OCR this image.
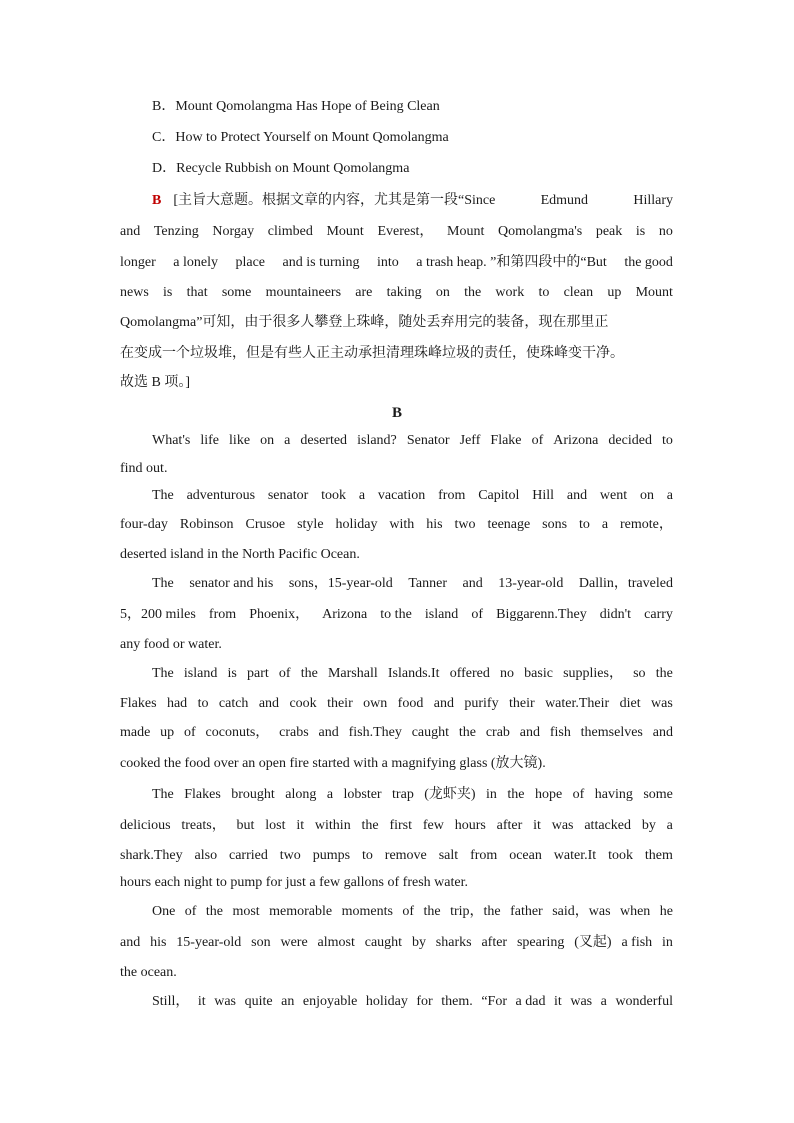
B．Mount Qomolangma Has Hope of Being Clean
C．How to Protect Yourself on Mount Qomolangma
D．Recycle Rubbish on Mount Qomolangma
B [主旨大意题。根据文章的内容，尤其是第一段“Since	Edmund	Hillary
and Tenzing Norgay climbed Mount Everest， Mount Qomolangma's peak is no
longer a lonely place and is turning into a trash heap. ”和第四段中的“But the good
news is that some mountaineers are taking on the work to clean up Mount
Qomolangma”可知，由于很多人攀登上珠峰，随处丢弃用完的装备，现在那里正
在变成一个垃圾堆，但是有些人正主动承担清理珠峰垃圾的责任，使珠峰变干净。
故选 B 项。]
B
What's life like on a deserted island? Senator Jeff Flake of Arizona decided to
find out.
The adventurous senator took a vacation from Capitol Hill and went on a
four-day Robinson Crusoe style holiday with his two teenage sons to a remote，
deserted island in the North Pacific Ocean.
The senator and his sons，15-year-old Tanner and 13-year-old Dallin，traveled
5，200 miles from Phoenix， Arizona to the island of Biggarenn.They didn't carry
any food or water.
The island is part of the Marshall Islands.It offered no basic supplies， so the
Flakes had to catch and cook their own food and purify their water.Their diet was
made up of coconuts， crabs and fish.They caught the crab and fish themselves and
cooked the food over an open fire started with a magnifying glass (放大镜).
The Flakes brought along a lobster trap (龙虾夹) in the hope of having some
delicious treats， but lost it within the first few hours after it was attacked by a
shark.They also carried two pumps to remove salt from ocean water.It took them
hours each night to pump for just a few gallons of fresh water.
One of the most memorable moments of the trip，the father said，was when he
and his 15-year-old son were almost caught by sharks after spearing (叉起) a fish in
the ocean.
Still， it was quite an enjoyable holiday for them. “For a dad it was a wonderful
